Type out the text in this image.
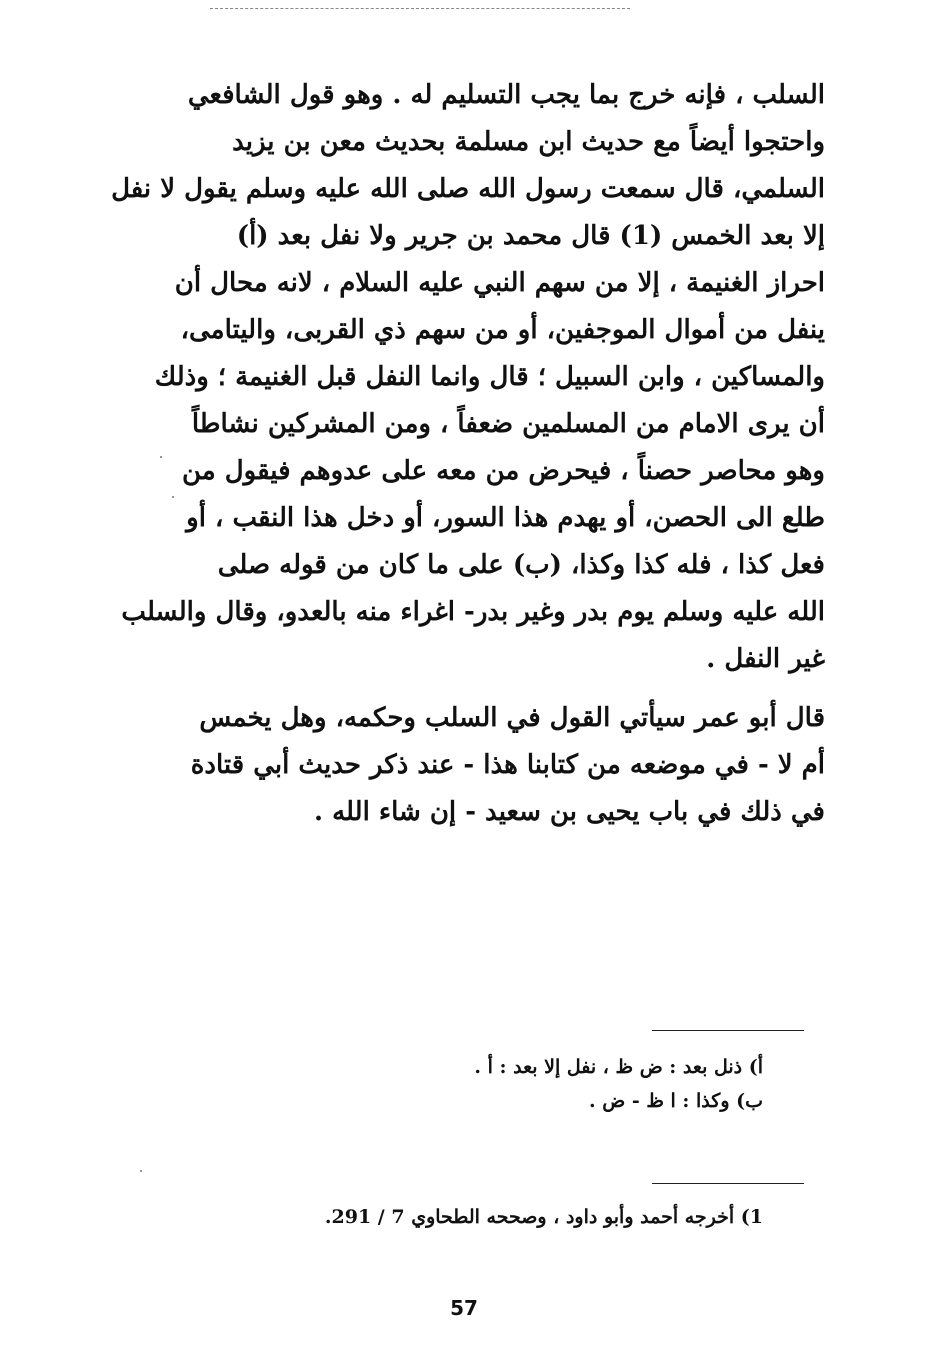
السلب ، فإنه خرج بما يجب التسليم له . وهو قول الشافعي
واحتجوا أيضاً مع حديث ابن مسلمة بحديث معن بن يزيد
السلمي، قال سمعت رسول الله صلى الله عليه وسلم يقول لا نفل
إلا بعد الخمس (1) قال محمد بن جرير ولا نفل بعد (أ)
احراز الغنيمة ، إلا من سهم النبي عليه السلام ، لانه محال أن
ينفل من أموال الموجفين، أو من سهم ذي القربى، واليتامى،
والمساكين ، وابن السبيل ؛ قال وانما النفل قبل الغنيمة ؛ وذلك
أن يرى الامام من المسلمين ضعفاً ، ومن المشركين نشاطاً
وهو محاصر حصناً ، فيحرض من معه على عدوهم فيقول من
طلع الى الحصن، أو يهدم هذا السور، أو دخل هذا النقب ، أو
فعل كذا ، فله كذا وكذا، (ب) على ما كان من قوله صلى
الله عليه وسلم يوم بدر وغير بدر- اغراء منه بالعدو، وقال والسلب
غير النفل .
قال أبو عمر سيأتي القول في السلب وحكمه، وهل يخمس
أم لا - في موضعه من كتابنا هذا - عند ذكر حديث أبي قتادة
في ذلك في باب يحيى بن سعيد - إن شاء الله .
أ) ذنل بعد : ض ظ ، نفل إلا بعد : أ .
ب) وكذا : ا ظ - ض .
1) أخرجه أحمد وأبو داود ، وصححه الطحاوي 7 / 291.
57
